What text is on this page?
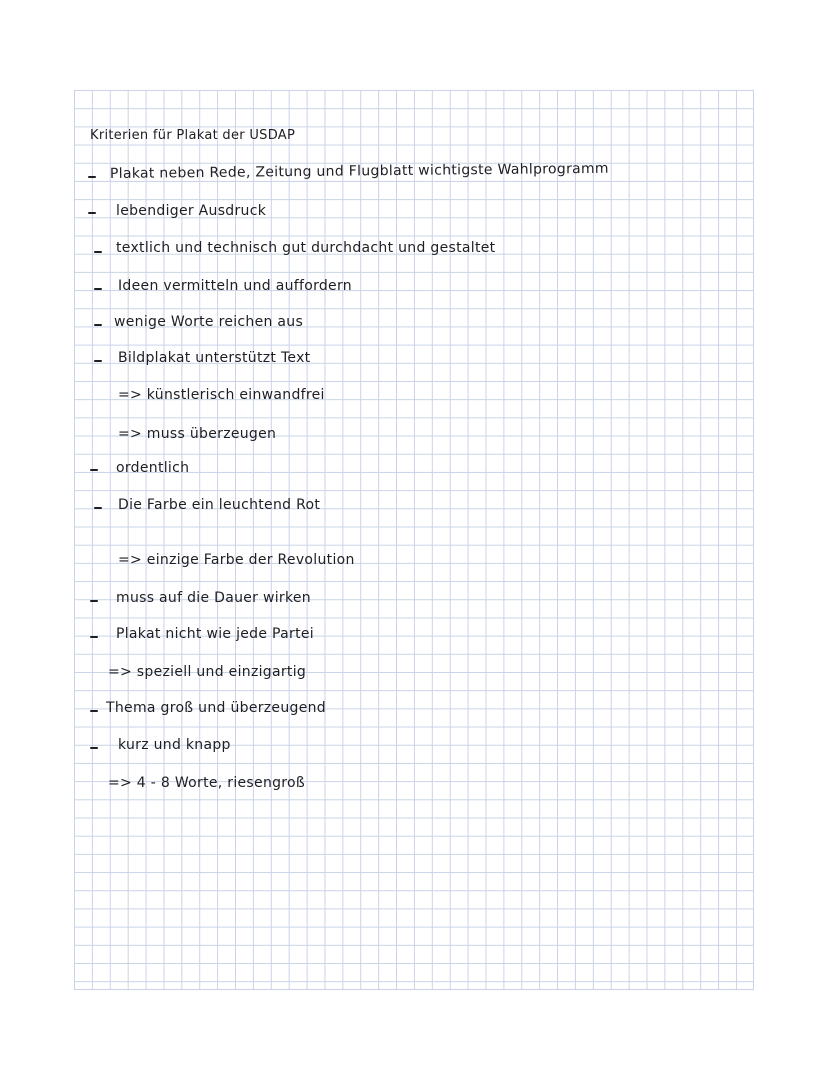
Kriterien für Plakat der USDAP
Plakat neben Rede, Zeitung und Flugblatt wichtigste Wahlprogramm
lebendiger Ausdruck
textlich und technisch gut durchdacht und gestaltet
Ideen vermitteln und auffordern
wenige Worte reichen aus
Bildplakat unterstützt Text
=> künstlerisch einwandfrei
=> muss überzeugen
ordentlich
Die Farbe ein leuchtend Rot
=> einzige Farbe der Revolution
muss auf die Dauer wirken
Plakat nicht wie jede Partei
=> speziell und einzigartig
Thema groß und überzeugend
kurz und knapp
=> 4 - 8 Worte, riesengroß
